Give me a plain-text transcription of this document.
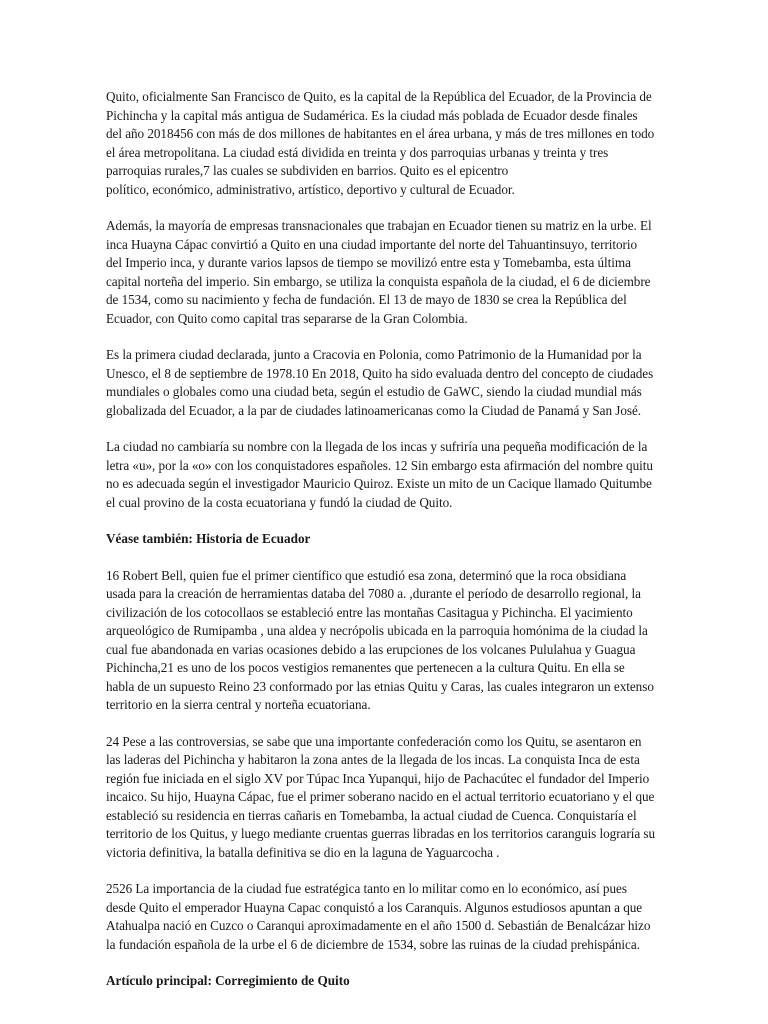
Quito, oficialmente San Francisco de Quito, es la capital de la República del Ecuador, de la Provincia de
Pichincha y la capital más antigua de Sudamérica. Es la ciudad más poblada de Ecuador desde finales
del año 2018456 con más de dos millones de habitantes en el área urbana, y más de tres millones en todo
el área metropolitana. La ciudad está dividida en treinta y dos parroquias urbanas y treinta y tres
parroquias rurales,7 las cuales se subdividen en barrios. Quito es el epicentro
político, económico, administrativo, artístico, deportivo y cultural de Ecuador.

Además, la mayoría de empresas transnacionales que trabajan en Ecuador tienen su matriz en la urbe. El
inca Huayna Cápac convirtió a Quito en una ciudad importante del norte del Tahuantinsuyo, territorio
del Imperio inca, y durante varios lapsos de tiempo se movilizó entre esta y Tomebamba, esta última
capital norteña del imperio. Sin embargo, se utiliza la conquista española de la ciudad, el 6 de diciembre
de 1534, como su nacimiento y fecha de fundación. El 13 de mayo de 1830 se crea la República del
Ecuador, con Quito como capital tras separarse de la Gran Colombia.

Es la primera ciudad declarada, junto a Cracovia en Polonia, como Patrimonio de la Humanidad por la
Unesco, el 8 de septiembre de 1978.10 En 2018, Quito ha sido evaluada dentro del concepto de ciudades
mundiales o globales como una ciudad beta, según el estudio de GaWC, siendo la ciudad mundial más
globalizada del Ecuador, a la par de ciudades latinoamericanas como la Ciudad de Panamá y San José.

La ciudad no cambiaría su nombre con la llegada de los incas y sufriría una pequeña modificación de la
letra «u», por la «o» con los conquistadores españoles. 12 Sin embargo esta afirmación del nombre quitu
no es adecuada según el investigador Mauricio Quiroz. Existe un mito de un Cacique llamado Quitumbe
el cual provino de la costa ecuatoriana y fundó la ciudad de Quito.

Véase también: Historia de Ecuador

16 Robert Bell, quien fue el primer científico que estudió esa zona, determinó que la roca obsidiana
usada para la creación de herramientas databa del 7080 a. ,durante el período de desarrollo regional, la
civilización de los cotocollaos se estableció entre las montañas Casitagua y Pichincha. El yacimiento
arqueológico de Rumipamba , una aldea y necrópolis ubicada en la parroquia homónima de la ciudad la
cual fue abandonada en varias ocasiones debido a las erupciones de los volcanes Pululahua y Guagua
Pichincha,21 es uno de los pocos vestigios remanentes que pertenecen a la cultura Quitu. En ella se
habla de un supuesto Reino 23 conformado por las etnias Quitu y Caras, las cuales integraron un extenso
territorio en la sierra central y norteña ecuatoriana.

24 Pese a las controversias, se sabe que una importante confederación como los Quitu, se asentaron en
las laderas del Pichincha y habitaron la zona antes de la llegada de los incas. La conquista Inca de esta
región fue iniciada en el siglo XV por Túpac Inca Yupanqui, hijo de Pachacútec el fundador del Imperio
incaico. Su hijo, Huayna Cápac, fue el primer soberano nacido en el actual territorio ecuatoriano y el que
estableció su residencia en tierras cañaris en Tomebamba, la actual ciudad de Cuenca. Conquistaría el
territorio de los Quitus, y luego mediante cruentas guerras libradas en los territorios caranguis lograría su
victoria definitiva, la batalla definitiva se dio en la laguna de Yaguarcocha .

2526 La importancia de la ciudad fue estratégica tanto en lo militar como en lo económico, así pues
desde Quito el emperador Huayna Capac conquistó a los Caranquis. Algunos estudiosos apuntan a que
Atahualpa nació en Cuzco o Caranqui aproximadamente en el año 1500 d. Sebastián de Benalcázar hizo
la fundación española de la urbe el 6 de diciembre de 1534, sobre las ruinas de la ciudad prehispánica.

Artículo principal: Corregimiento de Quito
